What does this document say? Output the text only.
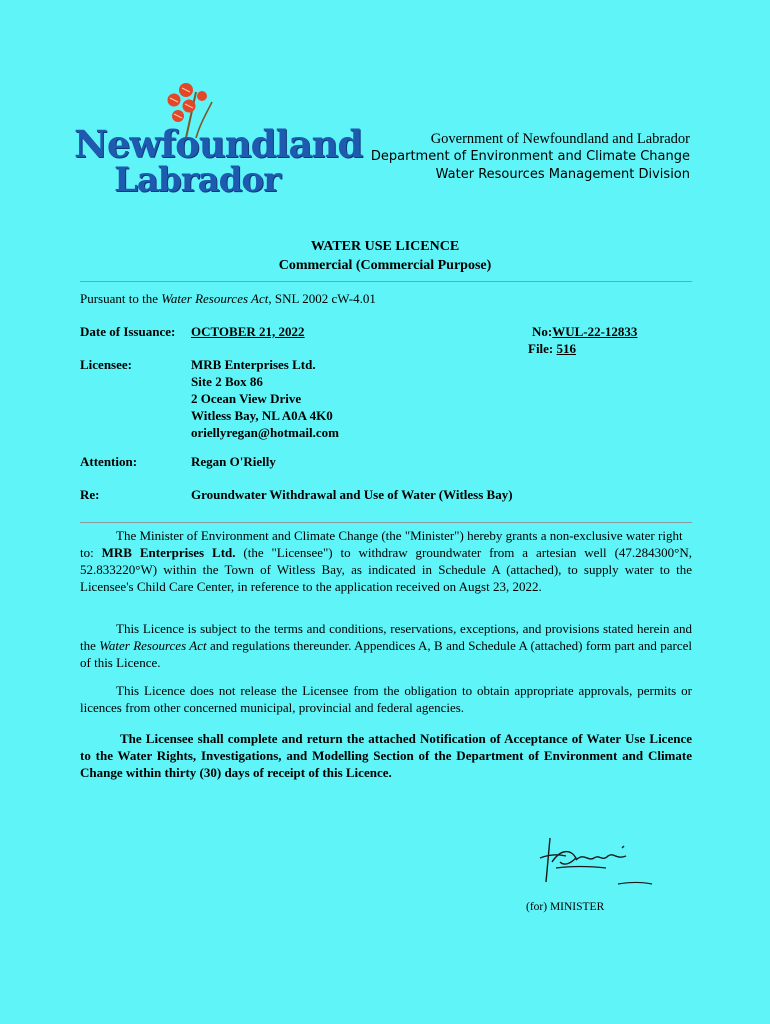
Newfoundland
Labrador
Government of Newfoundland and Labrador
Department of Environment and Climate Change
Water Resources Management Division
WATER USE LICENCE
Commercial (Commercial Purpose)
Pursuant to the Water Resources Act, SNL 2002 cW-4.01
Date of Issuance: OCTOBER 21, 2022	No:WUL-22-12833
File: 516
Licensee:	MRB Enterprises Ltd.
Site 2 Box 86
2 Ocean View Drive
Witless Bay, NL A0A 4K0
oriellyregan@hotmail.com
Attention:	Regan O'Rielly
Re:	Groundwater Withdrawal and Use of Water (Witless Bay)
The Minister of Environment and Climate Change (the "Minister") hereby grants a non-exclusive water right
to: MRB Enterprises Ltd. (the "Licensee") to withdraw groundwater from a artesian well (47.284300°N, 52.833220°W) within the Town of Witless Bay, as indicated in Schedule A (attached), to supply water to the Licensee's Child Care Center, in reference to the application received on Augst 23, 2022.
This Licence is subject to the terms and conditions, reservations, exceptions, and provisions stated herein and the Water Resources Act and regulations thereunder. Appendices A, B and Schedule A (attached) form part and parcel of this Licence.
This Licence does not release the Licensee from the obligation to obtain appropriate approvals, permits or licences from other concerned municipal, provincial and federal agencies.
The Licensee shall complete and return the attached Notification of Acceptance of Water Use Licence to the Water Rights, Investigations, and Modelling Section of the Department of Environment and Climate Change within thirty (30) days of receipt of this Licence.
(for) MINISTER
